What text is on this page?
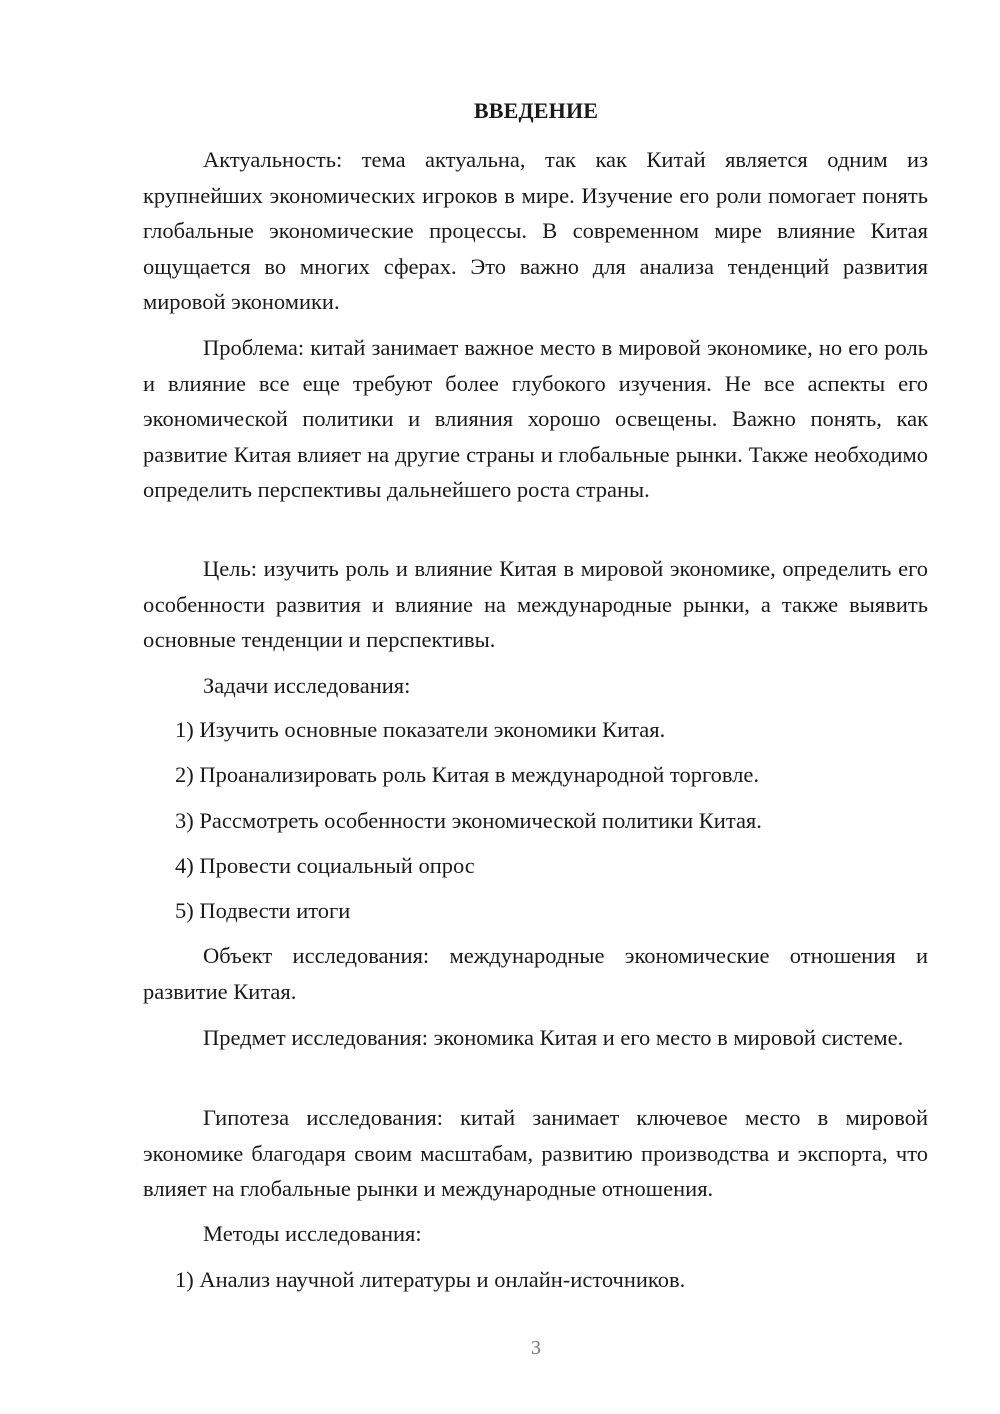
ВВЕДЕНИЕ

Актуальность: тема актуальна, так как Китай является одним из крупнейших экономических игроков в мире. Изучение его роли помогает понять глобальные экономические процессы. В современном мире влияние Китая ощущается во многих сферах. Это важно для анализа тенденций развития мировой экономики.

Проблема: китай занимает важное место в мировой экономике, но его роль и влияние все еще требуют более глубокого изучения. Не все аспекты его экономической политики и влияния хорошо освещены. Важно понять, как развитие Китая влияет на другие страны и глобальные рынки. Также необходимо определить перспективы дальнейшего роста страны.

Цель: изучить роль и влияние Китая в мировой экономике, определить его особенности развития и влияние на международные рынки, а также выявить основные тенденции и перспективы.

Задачи исследования:

1) Изучить основные показатели экономики Китая.
2) Проанализировать роль Китая в международной торговле.
3) Рассмотреть особенности экономической политики Китая.
4) Провести социальный опрос
5) Подвести итоги

Объект исследования: международные экономические отношения и развитие Китая.

Предмет исследования: экономика Китая и его место в мировой системе.

Гипотеза исследования: китай занимает ключевое место в мировой экономике благодаря своим масштабам, развитию производства и экспорта, что влияет на глобальные рынки и международные отношения.

Методы исследования:

1) Анализ научной литературы и онлайн-источников.
3
